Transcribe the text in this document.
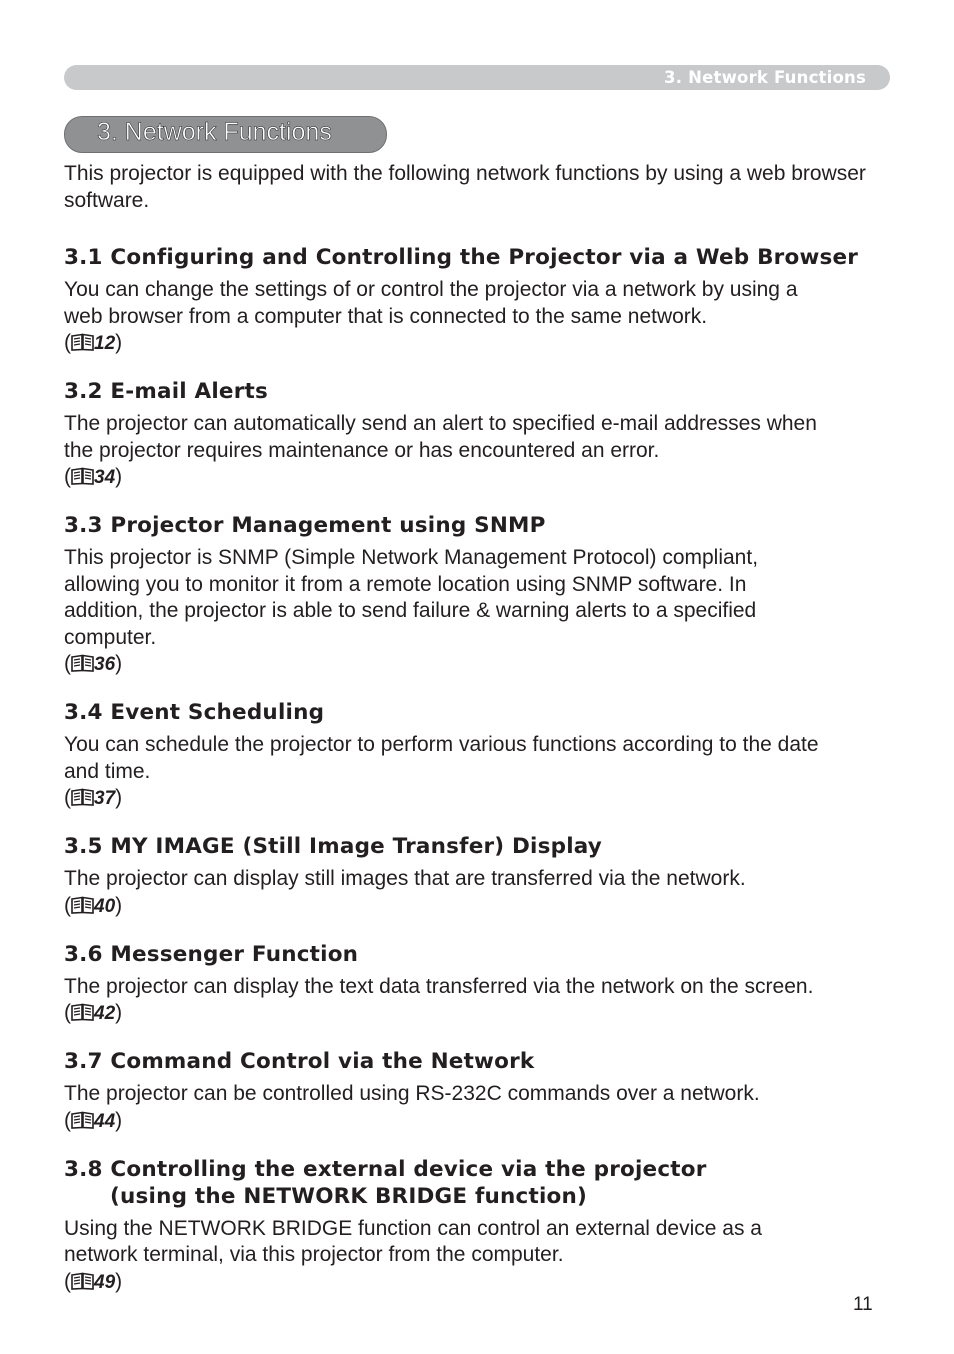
3. Network Functions
3. Network Functions

This projector is equipped with the following network functions by using a web browser software.

3.1 Configuring and Controlling the Projector via a Web Browser

You can change the settings of or control the projector via a network by using a
web browser from a computer that is connected to the same network.

( 12)
3.2 E-mail Alerts

The projector can automatically send an alert to specified e-mail addresses when
the projector requires maintenance or has encountered an error.

( 34)
3.3 Projector Management using SNMP

This projector is SNMP (Simple Network Management Protocol) compliant,
allowing you to monitor it from a remote location using SNMP software. In
addition, the projector is able to send failure & warning alerts to a specified
computer.

( 36)
3.4 Event Scheduling

You can schedule the projector to perform various functions according to the date
and time.

( 37)
3.5 MY IMAGE (Still Image Transfer) Display

The projector can display still images that are transferred via the network.

( 40)
3.6 Messenger Function

The projector can display the text data transferred via the network on the screen.

( 42)
3.7 Command Control via the Network

The projector can be controlled using RS-232C commands over a network.

( 44)
3.8 Controlling the external device via the projector
(using the NETWORK BRIDGE function)

Using the NETWORK BRIDGE function can control an external device as a
network terminal, via this projector from the computer.

( 49)
11
